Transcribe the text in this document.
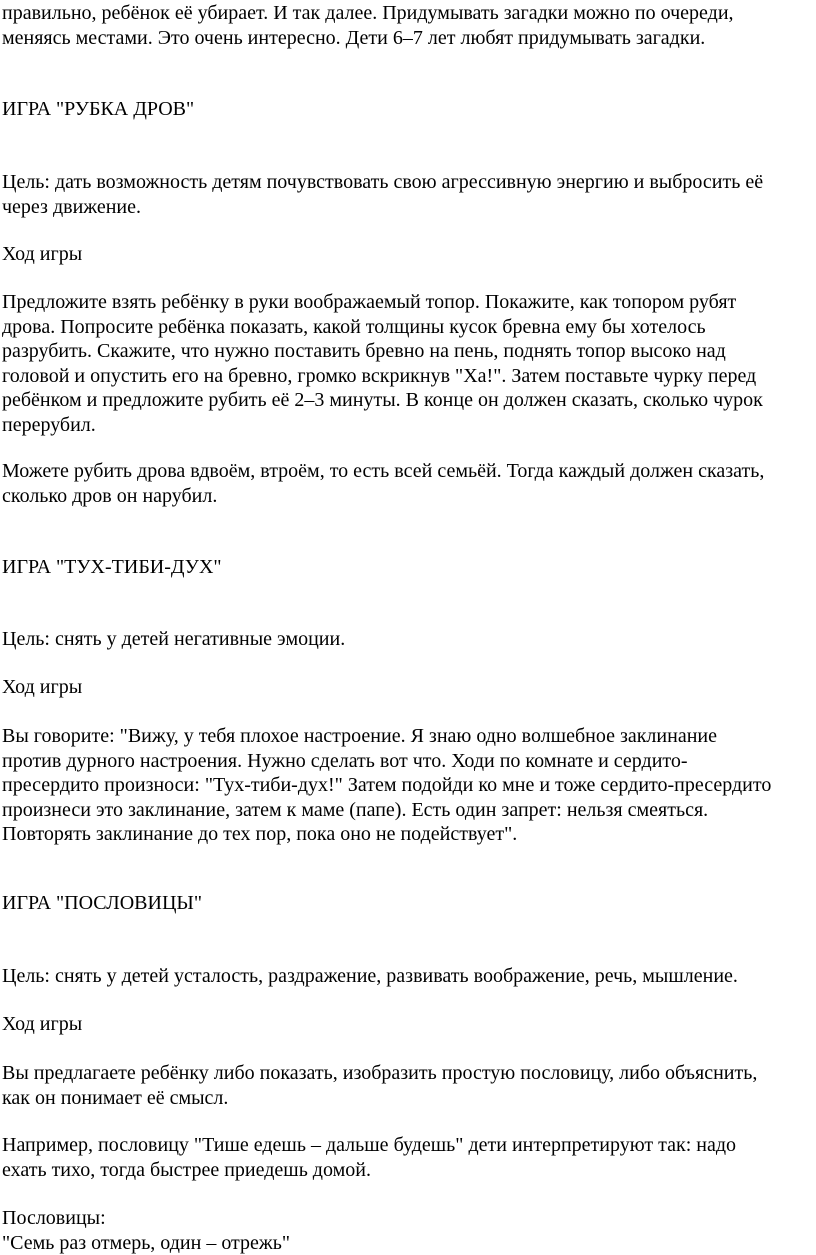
правильно, ребёнок её убирает. И так далее. Придумывать загадки можно по очереди,
меняясь местами. Это очень интересно. Дети 6–7 лет любят придумывать загадки.
ИГРА "РУБКА ДРОВ"
Цель: дать возможность детям почувствовать свою агрессивную энергию и выбросить её
через движение.
Ход игры
Предложите взять ребёнку в руки воображаемый топор. Покажите, как топором рубят
дрова. Попросите ребёнка показать, какой толщины кусок бревна ему бы хотелось
разрубить. Скажите, что нужно поставить бревно на пень, поднять топор высоко над
головой и опустить его на бревно, громко вскрикнув "Ха!". Затем поставьте чурку перед
ребёнком и предложите рубить её 2–3 минуты. В конце он должен сказать, сколько чурок
перерубил.
Можете рубить дрова вдвоём, втроём, то есть всей семьёй. Тогда каждый должен сказать,
сколько дров он нарубил.
ИГРА "ТУХ-ТИБИ-ДУХ"
Цель: снять у детей негативные эмоции.
Ход игры
Вы говорите: "Вижу, у тебя плохое настроение. Я знаю одно волшебное заклинание
против дурного настроения. Нужно сделать вот что. Ходи по комнате и сердито-
пресердито произноси: "Тух-тиби-дух!" Затем подойди ко мне и тоже сердито-пресердито
произнеси это заклинание, затем к маме (папе). Есть один запрет: нельзя смеяться.
Повторять заклинание до тех пор, пока оно не подействует".
ИГРА "ПОСЛОВИЦЫ"
Цель: снять у детей усталость, раздражение, развивать воображение, речь, мышление.
Ход игры
Вы предлагаете ребёнку либо показать, изобразить простую пословицу, либо объяснить,
как он понимает её смысл.
Например, пословицу "Тише едешь – дальше будешь" дети интерпретируют так: надо
ехать тихо, тогда быстрее приедешь домой.
Пословицы:
"Семь раз отмерь, один – отрежь"
